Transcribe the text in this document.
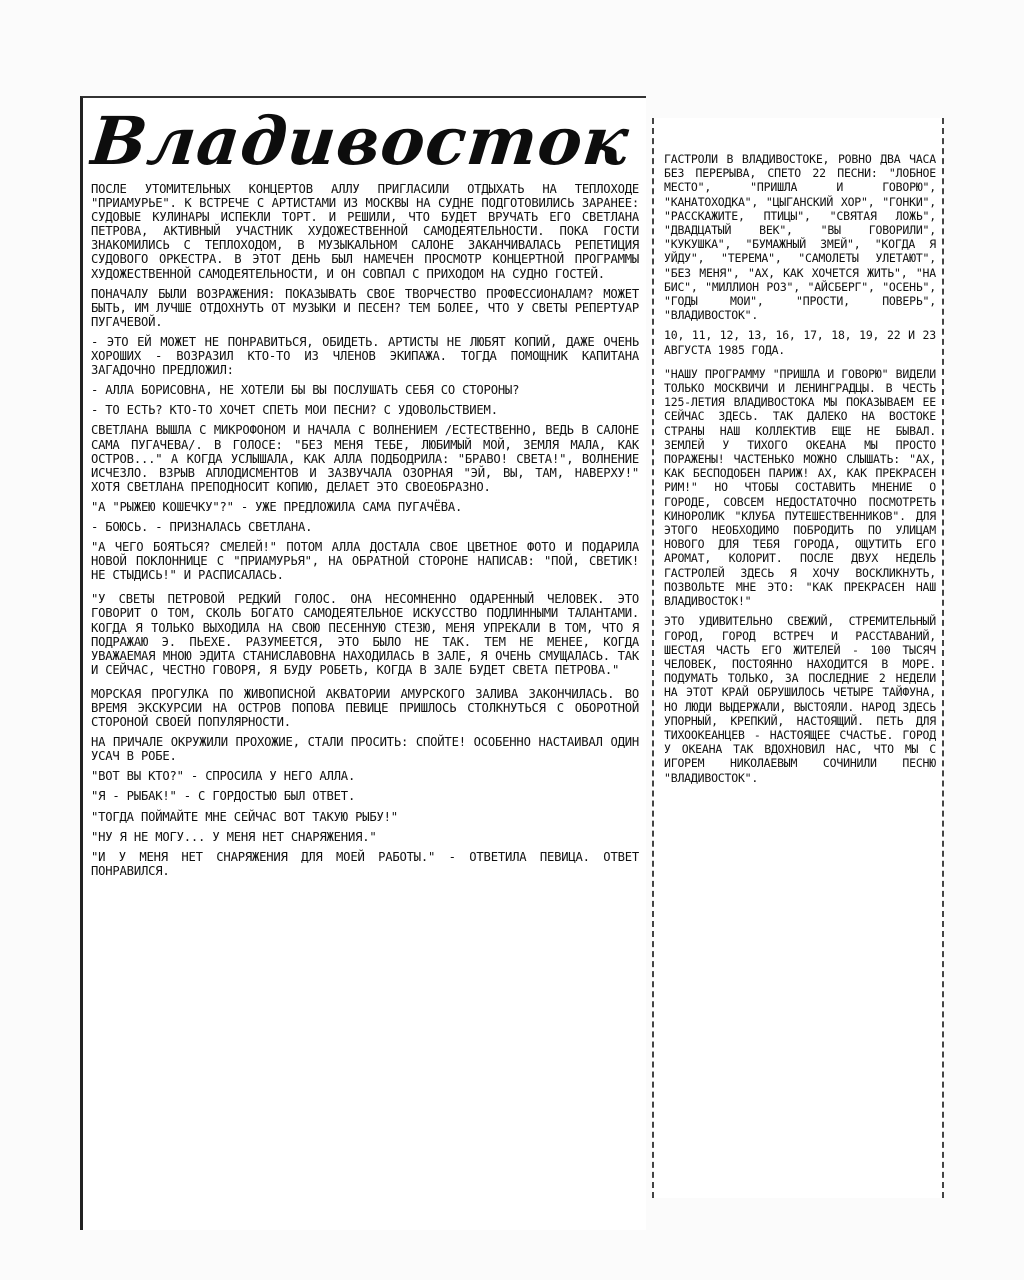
Владивосток

ПОСЛЕ УТОМИТЕЛЬНЫХ КОНЦЕРТОВ АЛЛУ ПРИГЛАСИЛИ ОТДЫХАТЬ НА ТЕПЛОХОДЕ "ПРИАМУРЬЕ". К ВСТРЕЧЕ С АРТИСТАМИ ИЗ МОСКВЫ НА СУДНЕ ПОДГОТОВИЛИСЬ ЗАРАНЕЕ: СУДОВЫЕ КУЛИНАРЫ ИСПЕКЛИ ТОРТ. И РЕШИЛИ, ЧТО БУДЕТ ВРУЧАТЬ ЕГО СВЕТЛАНА ПЕТРОВА, АКТИВНЫЙ УЧАСТНИК ХУДОЖЕСТВЕННОЙ САМОДЕЯТЕЛЬНОСТИ. ПОКА ГОСТИ ЗНАКОМИЛИСЬ С ТЕПЛОХОДОМ, В МУЗЫКАЛЬНОМ САЛОНЕ ЗАКАНЧИВАЛАСЬ РЕПЕТИЦИЯ СУДОВОГО ОРКЕСТРА. В ЭТОТ ДЕНЬ БЫЛ НАМЕЧЕН ПРОСМОТР КОНЦЕРТНОЙ ПРОГРАММЫ ХУДОЖЕСТВЕННОЙ САМОДЕЯТЕЛЬНОСТИ, И ОН СОВПАЛ С ПРИХОДОМ НА СУДНО ГОСТЕЙ.

ПОНАЧАЛУ БЫЛИ ВОЗРАЖЕНИЯ: ПОКАЗЫВАТЬ СВОЕ ТВОРЧЕСТВО ПРОФЕССИОНАЛАМ? МОЖЕТ БЫТЬ, ИМ ЛУЧШЕ ОТДОХНУТЬ ОТ МУЗЫКИ И ПЕСЕН? ТЕМ БОЛЕЕ, ЧТО У СВЕТЫ РЕПЕРТУАР ПУГАЧЕВОЙ.

- ЭТО ЕЙ МОЖЕТ НЕ ПОНРАВИТЬСЯ, ОБИДЕТЬ. АРТИСТЫ НЕ ЛЮБЯТ КОПИЙ, ДАЖЕ ОЧЕНЬ ХОРОШИХ - ВОЗРАЗИЛ КТО-ТО ИЗ ЧЛЕНОВ ЭКИПАЖА. ТОГДА ПОМОЩНИК КАПИТАНА ЗАГАДОЧНО ПРЕДЛОЖИЛ:

- АЛЛА БОРИСОВНА, НЕ ХОТЕЛИ БЫ ВЫ ПОСЛУШАТЬ СЕБЯ СО СТОРОНЫ?

- ТО ЕСТЬ? КТО-ТО ХОЧЕТ СПЕТЬ МОИ ПЕСНИ? С УДОВОЛЬСТВИЕМ.

СВЕТЛАНА ВЫШЛА С МИКРОФОНОМ И НАЧАЛА С ВОЛНЕНИЕМ /ЕСТЕСТВЕННО, ВЕДЬ В САЛОНЕ САМА ПУГАЧЕВА/. В ГОЛОСЕ: "БЕЗ МЕНЯ ТЕБЕ, ЛЮБИМЫЙ МОЙ, ЗЕМЛЯ МАЛА, КАК ОСТРОВ..." А КОГДА УСЛЫШАЛА, КАК АЛЛА ПОДБОДРИЛА: "БРАВО! СВЕТА!", ВОЛНЕНИЕ ИСЧЕЗЛО. ВЗРЫВ АПЛОДИСМЕНТОВ И ЗАЗВУЧАЛА ОЗОРНАЯ "ЭЙ, ВЫ, ТАМ, НАВЕРХУ!" ХОТЯ СВЕТЛАНА ПРЕПОДНОСИТ КОПИЮ, ДЕЛАЕТ ЭТО СВОЕОБРАЗНО.

"А "РЫЖЕЮ КОШЕЧКУ"?" - УЖЕ ПРЕДЛОЖИЛА САМА ПУГАЧЁВА.

- БОЮСЬ. - ПРИЗНАЛАСЬ СВЕТЛАНА.

"А ЧЕГО БОЯТЬСЯ? СМЕЛЕЙ!" ПОТОМ АЛЛА ДОСТАЛА СВОЕ ЦВЕТНОЕ ФОТО И ПОДАРИЛА НОВОЙ ПОКЛОННИЦЕ С "ПРИАМУРЬЯ", НА ОБРАТНОЙ СТОРОНЕ НАПИСАВ: "ПОЙ, СВЕТИК! НЕ СТЫДИСЬ!" И РАСПИСАЛАСЬ.

"У СВЕТЫ ПЕТРОВОЙ РЕДКИЙ ГОЛОС. ОНА НЕСОМНЕННО ОДАРЕННЫЙ ЧЕЛОВЕК. ЭТО ГОВОРИТ О ТОМ, СКОЛЬ БОГАТО САМОДЕЯТЕЛЬНОЕ ИСКУССТВО ПОДЛИННЫМИ ТАЛАНТАМИ. КОГДА Я ТОЛЬКО ВЫХОДИЛА НА СВОЮ ПЕСЕННУЮ СТЕЗЮ, МЕНЯ УПРЕКАЛИ В ТОМ, ЧТО Я ПОДРАЖАЮ Э. ПЬЕХЕ. РАЗУМЕЕТСЯ, ЭТО БЫЛО НЕ ТАК. ТЕМ НЕ МЕНЕЕ, КОГДА УВАЖАЕМАЯ МНОЮ ЭДИТА СТАНИСЛАВОВНА НАХОДИЛАСЬ В ЗАЛЕ, Я ОЧЕНЬ СМУЩАЛАСЬ. ТАК И СЕЙЧАС, ЧЕСТНО ГОВОРЯ, Я БУДУ РОБЕТЬ, КОГДА В ЗАЛЕ БУДЕТ СВЕТА ПЕТРОВА."

МОРСКАЯ ПРОГУЛКА ПО ЖИВОПИСНОЙ АКВАТОРИИ АМУРСКОГО ЗАЛИВА ЗАКОНЧИЛАСЬ. ВО ВРЕМЯ ЭКСКУРСИИ НА ОСТРОВ ПОПОВА ПЕВИЦЕ ПРИШЛОСЬ СТОЛКНУТЬСЯ С ОБОРОТНОЙ СТОРОНОЙ СВОЕЙ ПОПУЛЯРНОСТИ.

НА ПРИЧАЛЕ ОКРУЖИЛИ ПРОХОЖИЕ, СТАЛИ ПРОСИТЬ: СПОЙТЕ! ОСОБЕННО НАСТАИВАЛ ОДИН УСАЧ В РОБЕ.

"ВОТ ВЫ КТО?" - СПРОСИЛА У НЕГО АЛЛА.

"Я - РЫБАК!" - С ГОРДОСТЬЮ БЫЛ ОТВЕТ.

"ТОГДА ПОЙМАЙТЕ МНЕ СЕЙЧАС ВОТ ТАКУЮ РЫБУ!"

"НУ Я НЕ МОГУ... У МЕНЯ НЕТ СНАРЯЖЕНИЯ."

"И У МЕНЯ НЕТ СНАРЯЖЕНИЯ ДЛЯ МОЕЙ РАБОТЫ." - ОТВЕТИЛА ПЕВИЦА. ОТВЕТ ПОНРАВИЛСЯ.

ГАСТРОЛИ В ВЛАДИВОСТОКЕ, РОВНО ДВА ЧАСА БЕЗ ПЕРЕРЫВА, СПЕТО 22 ПЕСНИ: "ЛОБНОЕ МЕСТО", "ПРИШЛА И ГОВОРЮ", "КАНАТОХОДКА", "ЦЫГАНСКИЙ ХОР", "ГОНКИ", "РАССКАЖИТЕ, ПТИЦЫ", "СВЯТАЯ ЛОЖЬ", "ДВАДЦАТЫЙ ВЕК", "ВЫ ГОВОРИЛИ", "КУКУШКА", "БУМАЖНЫЙ ЗМЕЙ", "КОГДА Я УЙДУ", "ТЕРЕМА", "САМОЛЕТЫ УЛЕТАЮТ", "БЕЗ МЕНЯ", "АХ, КАК ХОЧЕТСЯ ЖИТЬ", "НА БИС", "МИЛЛИОН РОЗ", "АЙСБЕРГ", "ОСЕНЬ", "ГОДЫ МОИ", "ПРОСТИ, ПОВЕРЬ", "ВЛАДИВОСТОК".

10, 11, 12, 13, 16, 17, 18, 19, 22 И 23 АВГУСТА 1985 ГОДА.

"НАШУ ПРОГРАММУ "ПРИШЛА И ГОВОРЮ" ВИДЕЛИ ТОЛЬКО МОСКВИЧИ И ЛЕНИНГРАДЦЫ. В ЧЕСТЬ 125-ЛЕТИЯ ВЛАДИВОСТОКА МЫ ПОКАЗЫВАЕМ ЕЕ СЕЙЧАС ЗДЕСЬ. ТАК ДАЛЕКО НА ВОСТОКЕ СТРАНЫ НАШ КОЛЛЕКТИВ ЕЩЕ НЕ БЫВАЛ. ЗЕМЛЕЙ У ТИХОГО ОКЕАНА МЫ ПРОСТО ПОРАЖЕНЫ! ЧАСТЕНЬКО МОЖНО СЛЫШАТЬ: "АХ, КАК БЕСПОДОБЕН ПАРИЖ! АХ, КАК ПРЕКРАСЕН РИМ!" НО ЧТОБЫ СОСТАВИТЬ МНЕНИЕ О ГОРОДЕ, СОВСЕМ НЕДОСТАТОЧНО ПОСМОТРЕТЬ КИНОРОЛИК "КЛУБА ПУТЕШЕСТВЕННИКОВ". ДЛЯ ЭТОГО НЕОБХОДИМО ПОБРОДИТЬ ПО УЛИЦАМ НОВОГО ДЛЯ ТЕБЯ ГОРОДА, ОЩУТИТЬ ЕГО АРОМАТ, КОЛОРИТ. ПОСЛЕ ДВУХ НЕДЕЛЬ ГАСТРОЛЕЙ ЗДЕСЬ Я ХОЧУ ВОСКЛИКНУТЬ, ПОЗВОЛЬТЕ МНЕ ЭТО: "КАК ПРЕКРАСЕН НАШ ВЛАДИВОСТОК!"

ЭТО УДИВИТЕЛЬНО СВЕЖИЙ, СТРЕМИТЕЛЬНЫЙ ГОРОД, ГОРОД ВСТРЕЧ И РАССТАВАНИЙ, ШЕСТАЯ ЧАСТЬ ЕГО ЖИТЕЛЕЙ - 100 ТЫСЯЧ ЧЕЛОВЕК, ПОСТОЯННО НАХОДИТСЯ В МОРЕ. ПОДУМАТЬ ТОЛЬКО, ЗА ПОСЛЕДНИЕ 2 НЕДЕЛИ НА ЭТОТ КРАЙ ОБРУШИЛОСЬ ЧЕТЫРЕ ТАЙФУНА, НО ЛЮДИ ВЫДЕРЖАЛИ, ВЫСТОЯЛИ. НАРОД ЗДЕСЬ УПОРНЫЙ, КРЕПКИЙ, НАСТОЯЩИЙ. ПЕТЬ ДЛЯ ТИХООКЕАНЦЕВ - НАСТОЯЩЕЕ СЧАСТЬЕ. ГОРОД У ОКЕАНА ТАК ВДОХНОВИЛ НАС, ЧТО МЫ С ИГОРЕМ НИКОЛАЕВЫМ СОЧИНИЛИ ПЕСНЮ "ВЛАДИВОСТОК".
